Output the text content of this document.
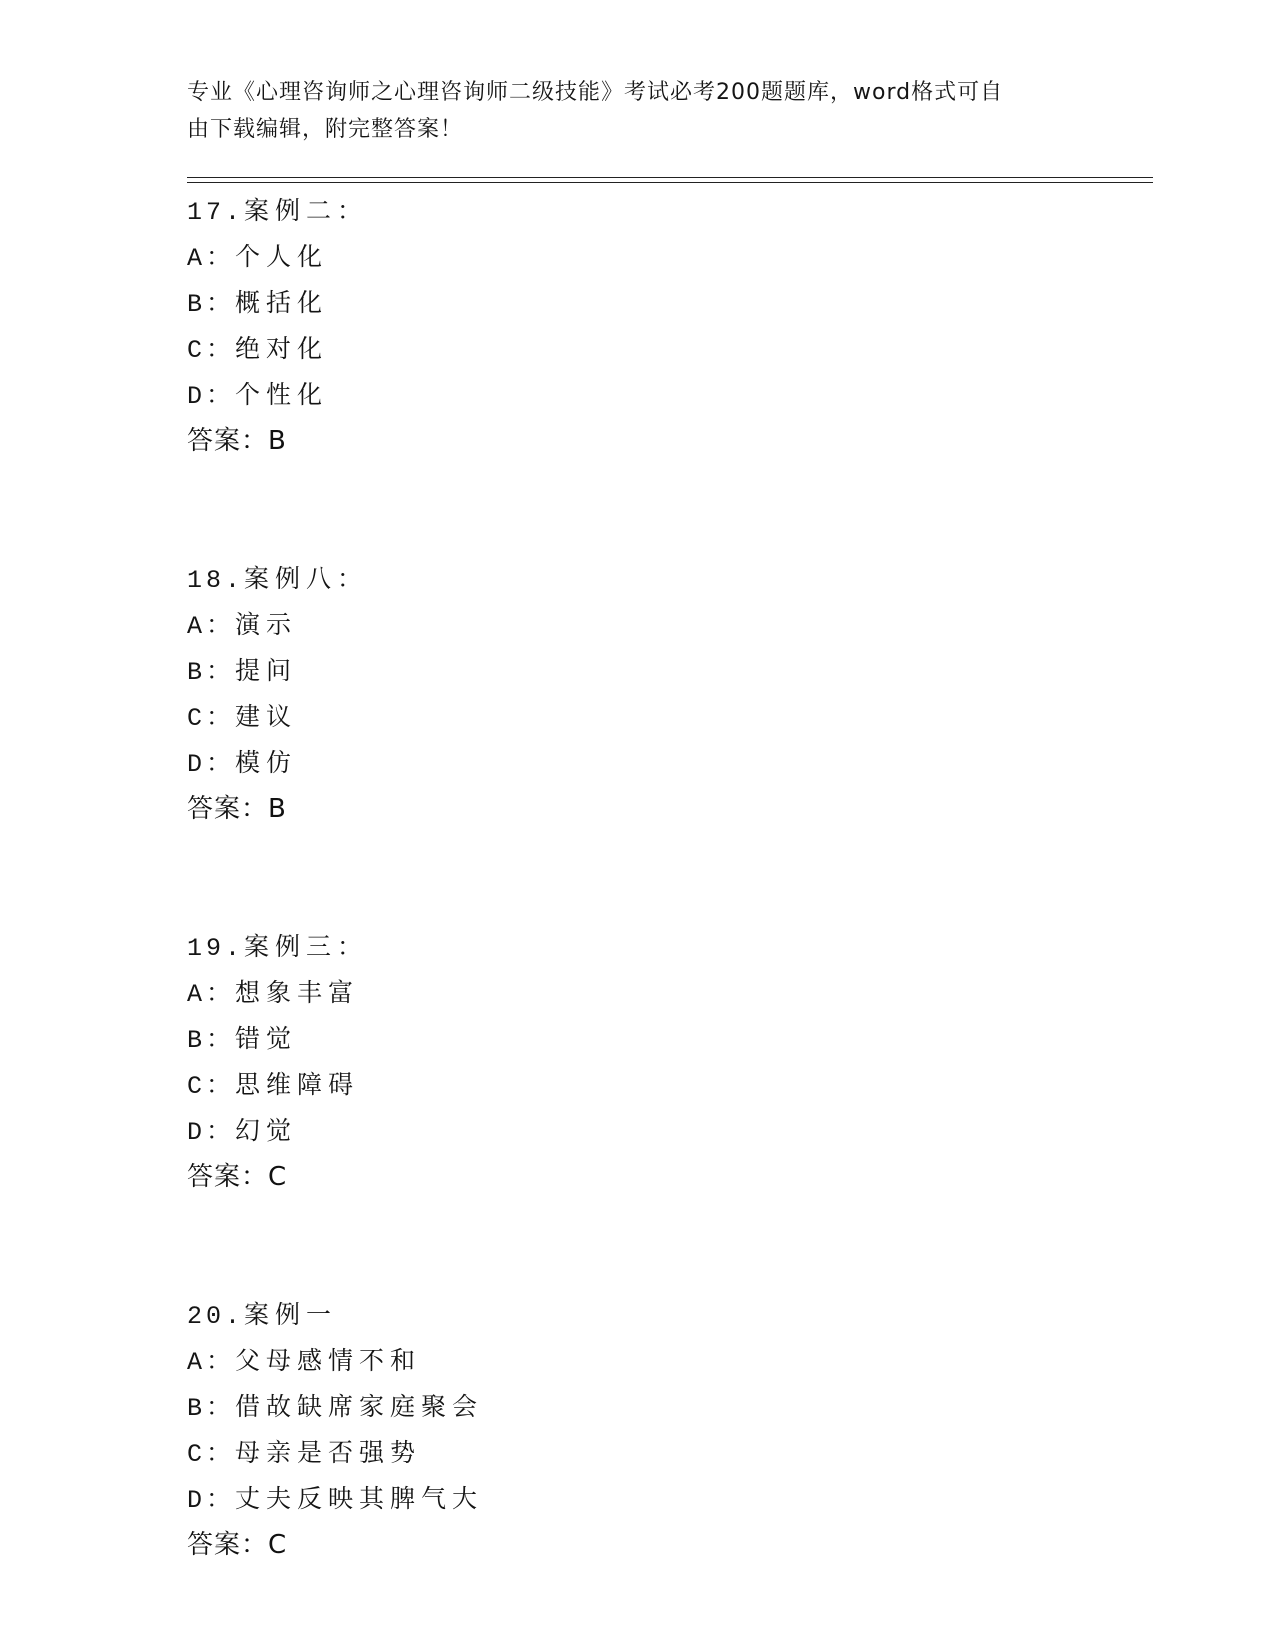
专业《心理咨询师之心理咨询师二级技能》考试必考200题题库，word格式可自
由下载编辑，附完整答案！
17.案例二：
A：个人化
B：概括化
C：绝对化
D：个性化
答案：B
18.案例八：
A：演示
B：提问
C：建议
D：模仿
答案：B
19.案例三：
A：想象丰富
B：错觉
C：思维障碍
D：幻觉
答案：C
20.案例一
A：父母感情不和
B：借故缺席家庭聚会
C：母亲是否强势
D：丈夫反映其脾气大
答案：C
